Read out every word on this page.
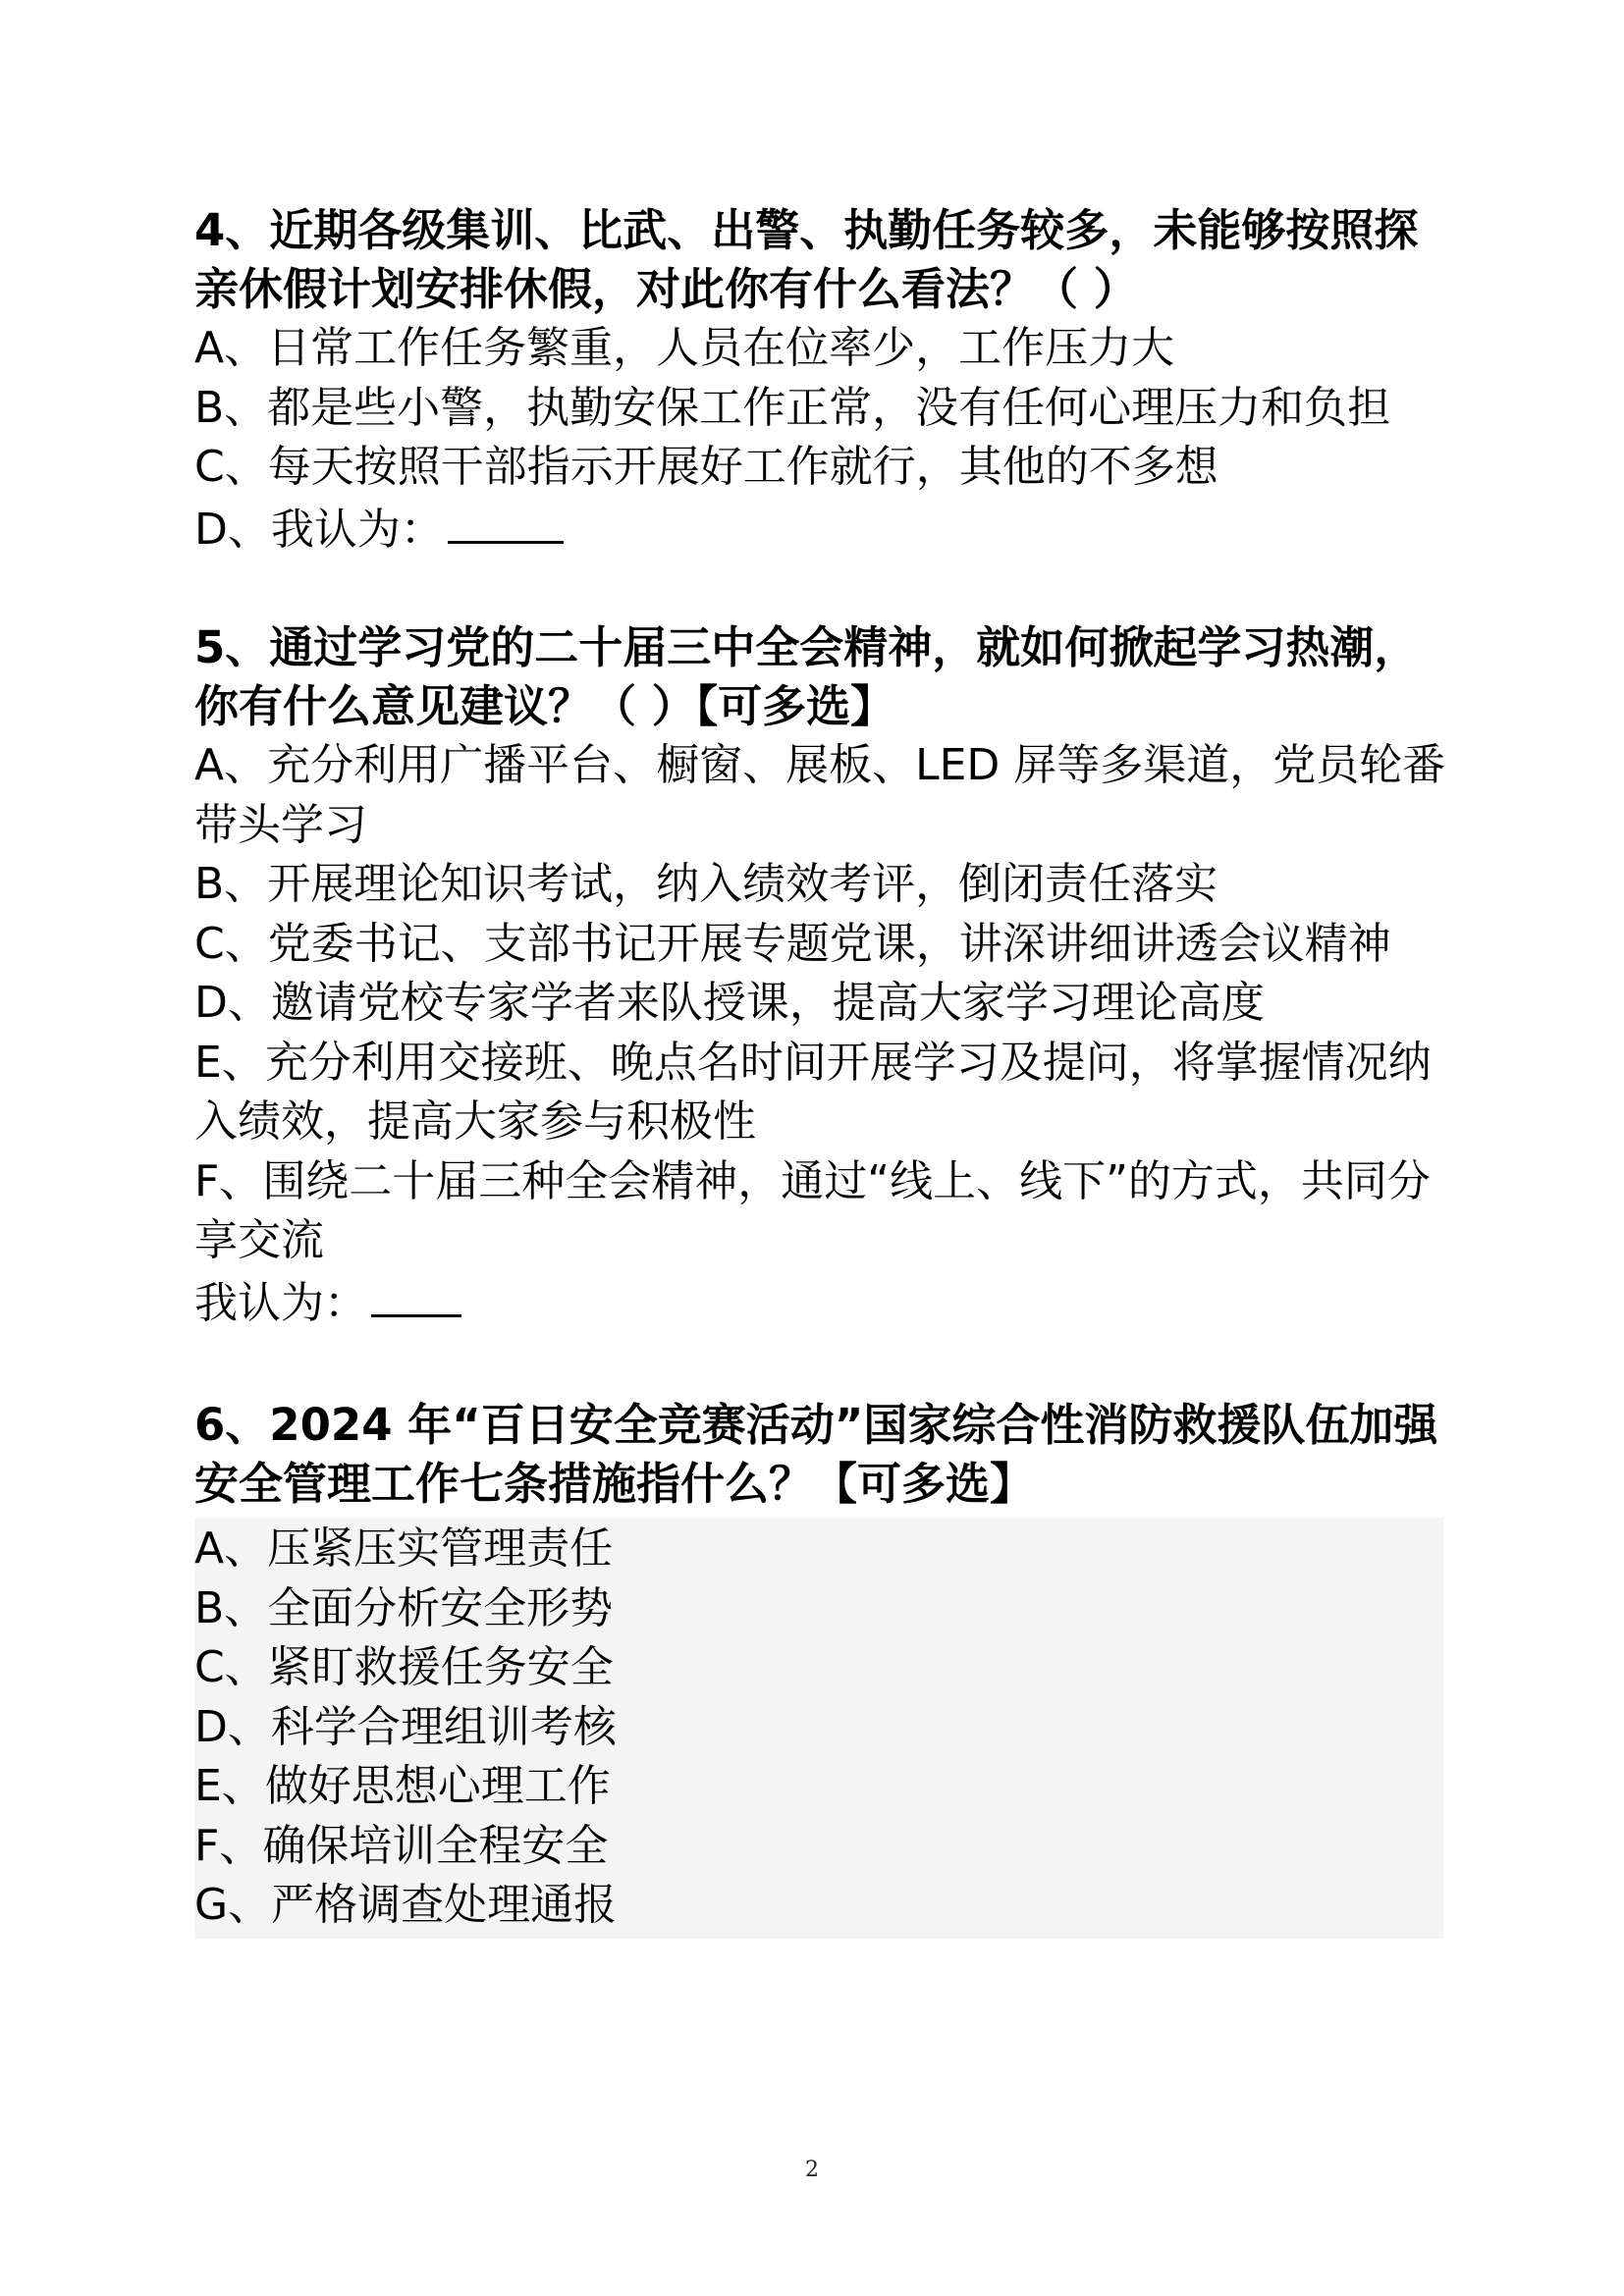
4、近期各级集训、比武、出警、执勤任务较多，未能够按照探亲休假计划安排休假，对此你有什么看法？（ ）

A、日常工作任务繁重，人员在位率少，工作压力大

B、都是些小警，执勤安保工作正常，没有任何心理压力和负担

C、每天按照干部指示开展好工作就行，其他的不多想

D、我认为：

5、通过学习党的二十届三中全会精神，就如何掀起学习热潮，你有什么意见建议？（ ）【可多选】

A、充分利用广播平台、橱窗、展板、LED 屏等多渠道，党员轮番带头学习

B、开展理论知识考试，纳入绩效考评，倒闭责任落实

C、党委书记、支部书记开展专题党课，讲深讲细讲透会议精神

D、邀请党校专家学者来队授课，提高大家学习理论高度

E、充分利用交接班、晚点名时间开展学习及提问，将掌握情况纳入绩效，提高大家参与积极性

F、围绕二十届三种全会精神，通过“线上、线下”的方式，共同分享交流

我认为：

6、2024 年“百日安全竞赛活动”国家综合性消防救援队伍加强安全管理工作七条措施指什么？【可多选】

A、压紧压实管理责任

B、全面分析安全形势

C、紧盯救援任务安全

D、科学合理组训考核

E、做好思想心理工作

F、确保培训全程安全

G、严格调查处理通报

2
